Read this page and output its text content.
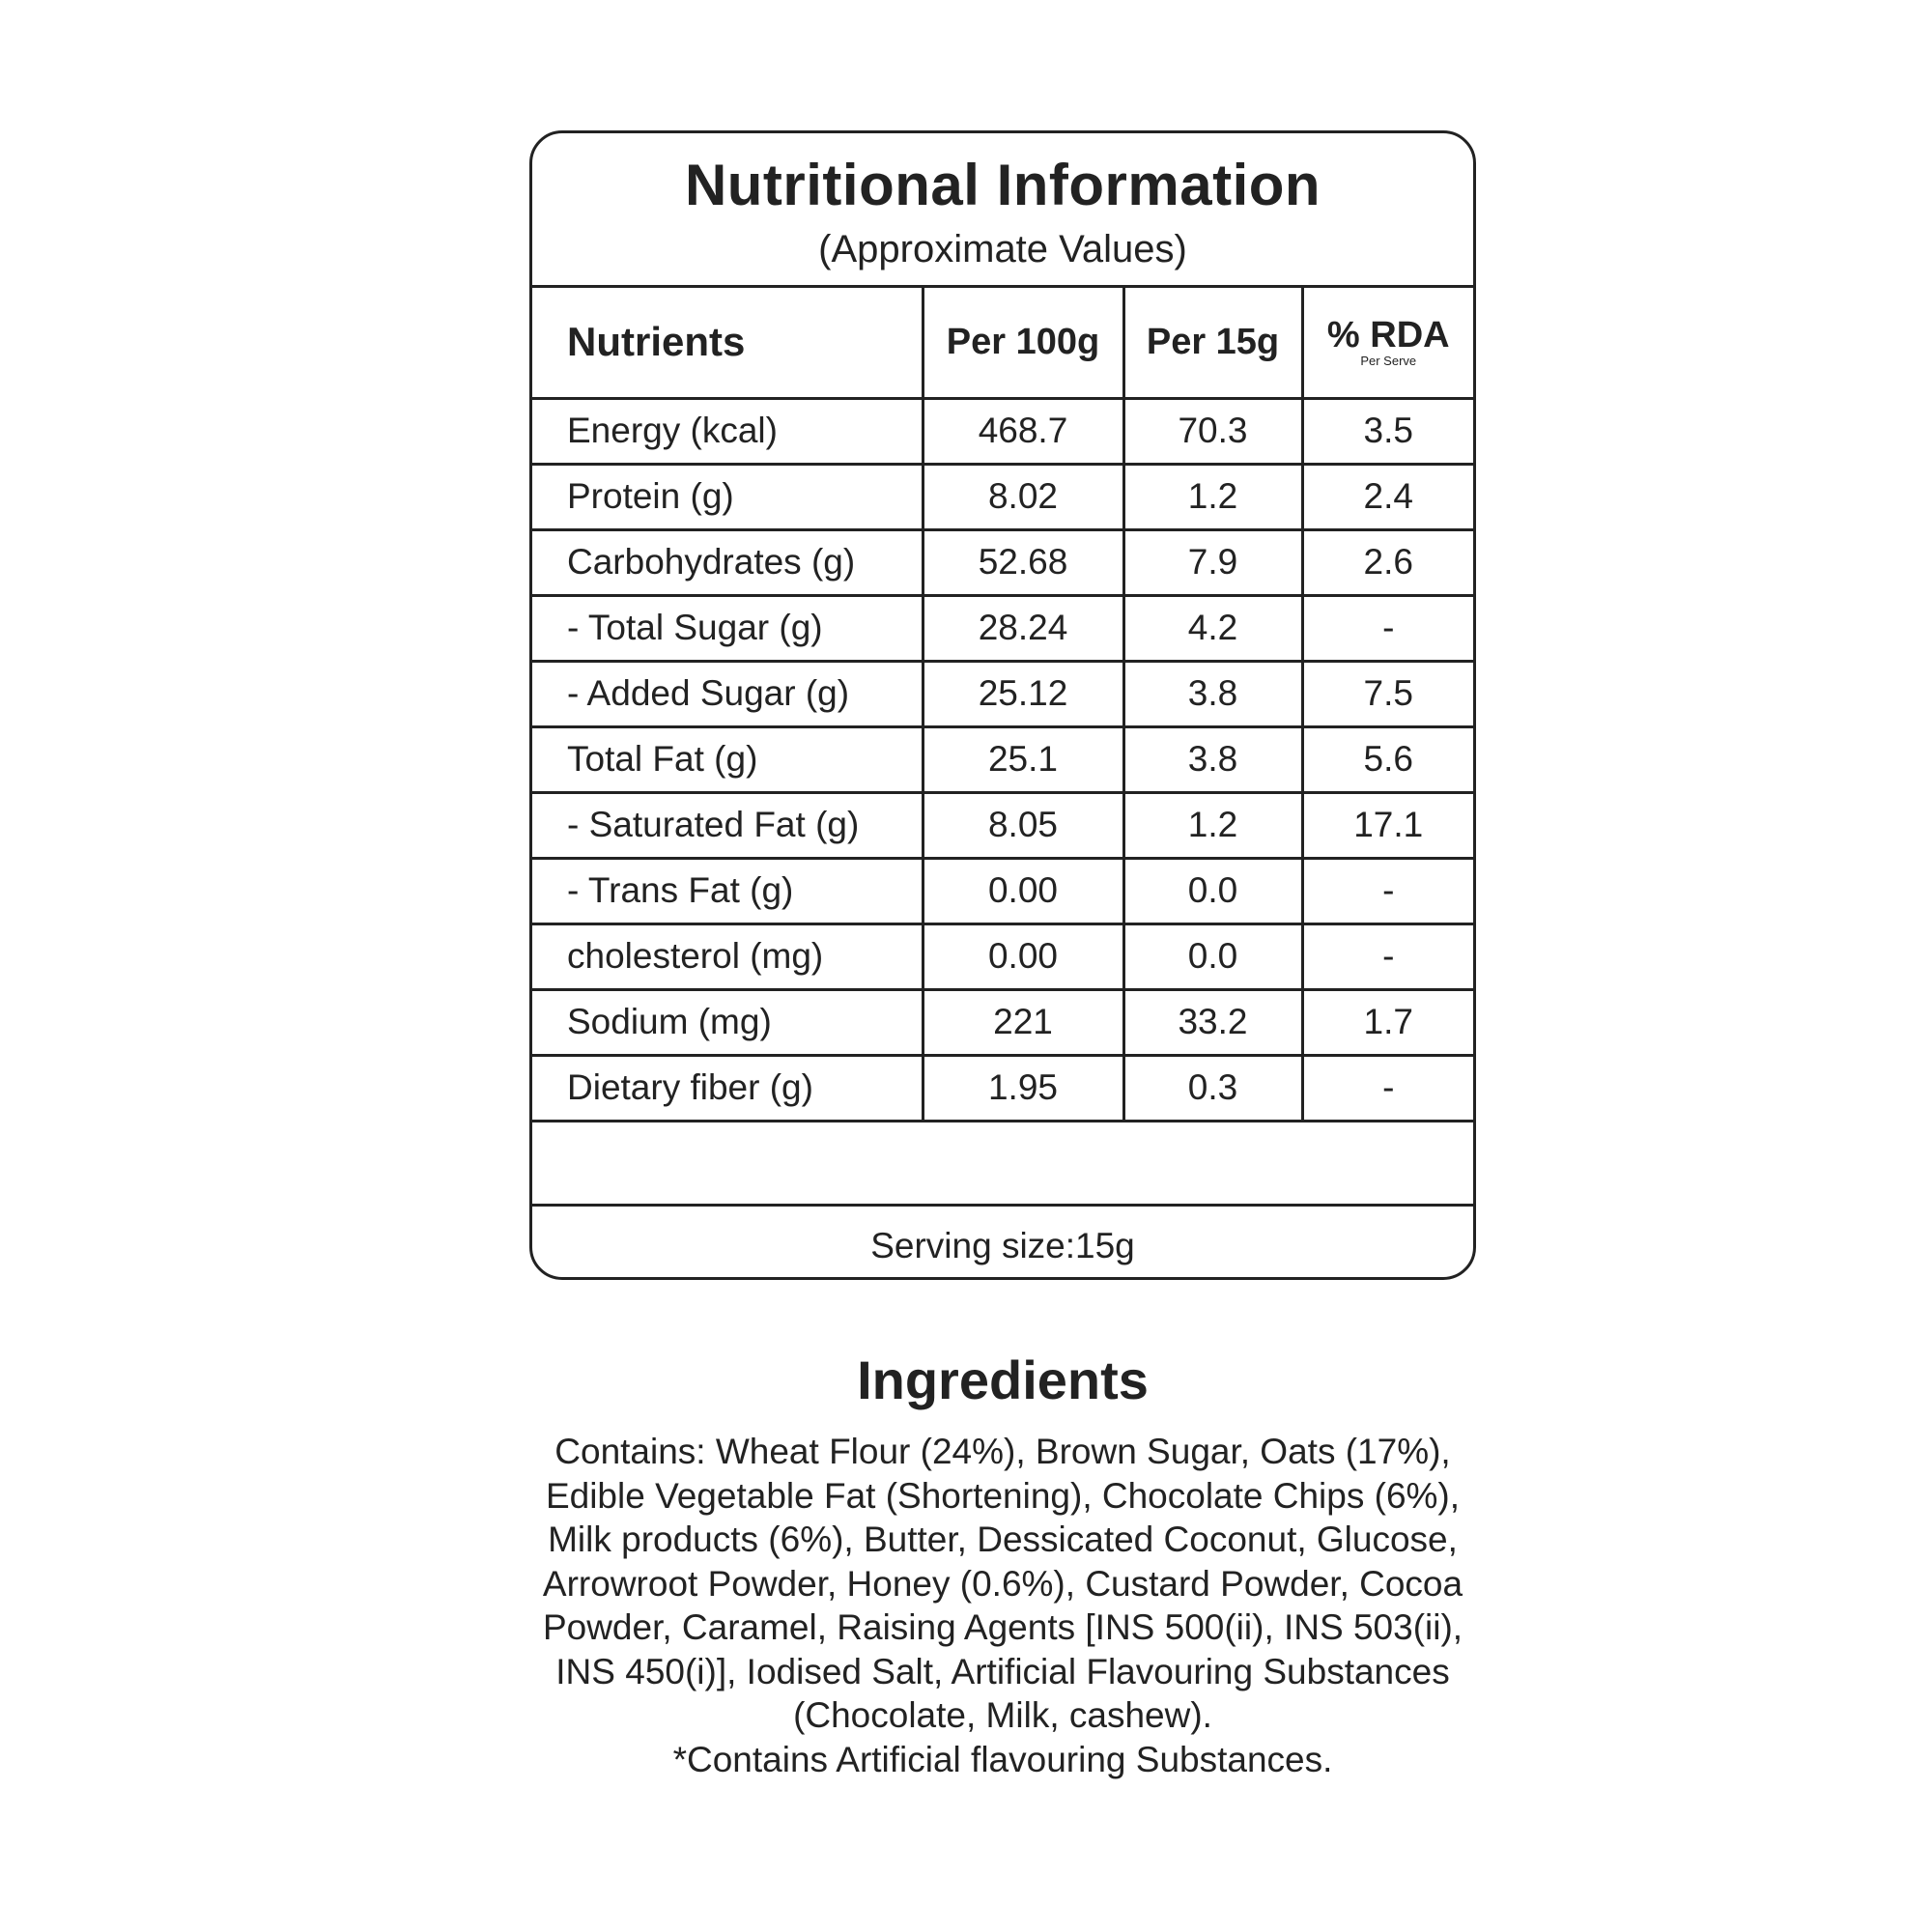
Nutritional Information
(Approximate Values)
Nutrients	Per 100g	Per 15g	% RDA
Per Serve

Energy (kcal)	468.7	70.3	3.5
Protein (g)	8.02	1.2	2.4
Carbohydrates (g)	52.68	7.9	2.6
- Total Sugar (g)	28.24	4.2	-
- Added Sugar (g)	25.12	3.8	7.5
Total Fat (g)	25.1	3.8	5.6
- Saturated Fat (g)	8.05	1.2	17.1
- Trans Fat (g)	0.00	0.0	-
cholesterol (mg)	0.00	0.0	-
Sodium (mg)	221	33.2	1.7
Dietary fiber (g)	1.95	0.3	-

Serving size:15g
Ingredients
Contains: Wheat Flour (24%), Brown Sugar, Oats (17%), Edible Vegetable Fat (Shortening), Chocolate Chips (6%), Milk products (6%), Butter, Dessicated Coconut, Glucose, Arrowroot Powder, Honey (0.6%), Custard Powder, Cocoa Powder, Caramel, Raising Agents [INS 500(ii), INS 503(ii), INS 450(i)], Iodised Salt, Artificial Flavouring Substances (Chocolate, Milk, cashew).
*Contains Artificial flavouring Substances.
